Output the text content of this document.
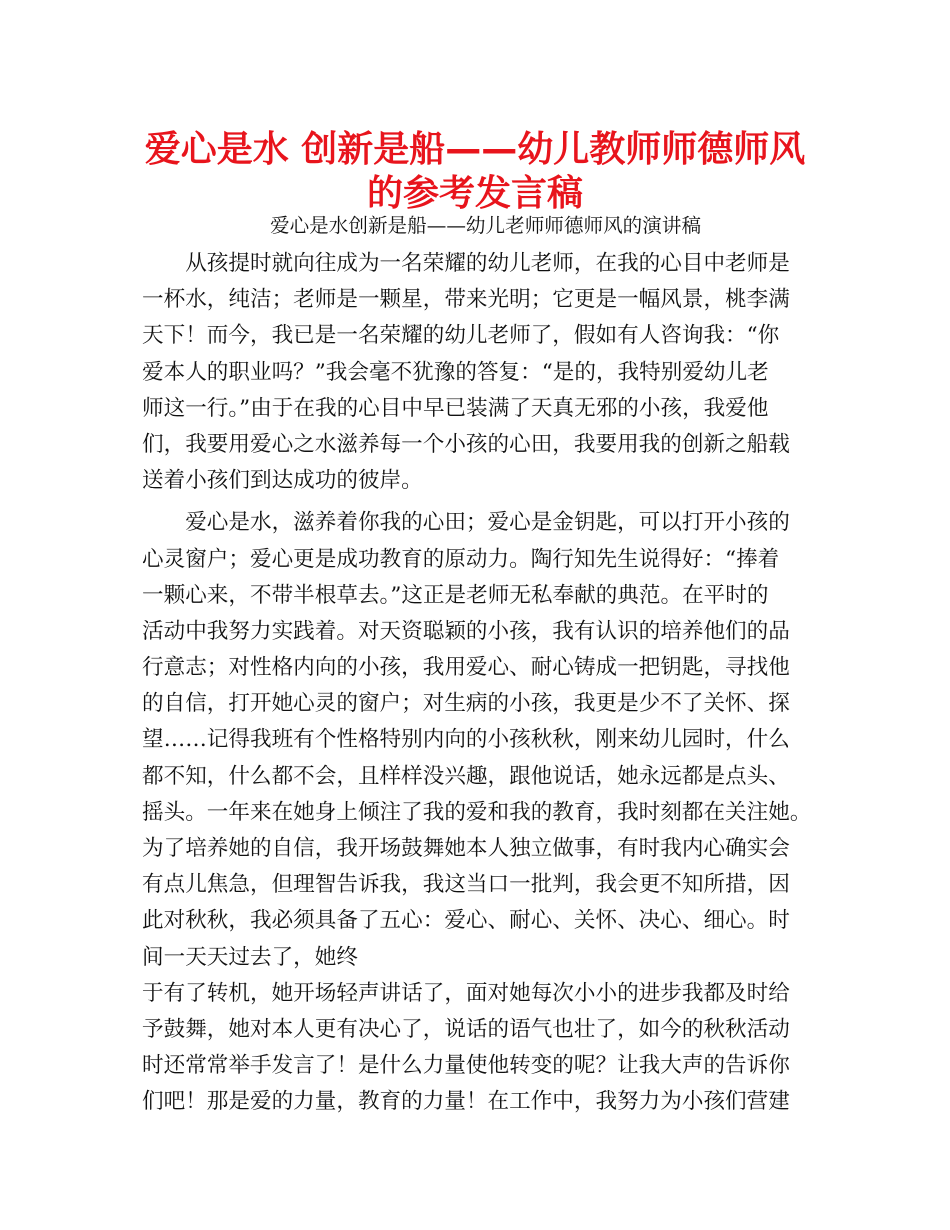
爱心是水 创新是船——幼儿教师师德师风
的参考发言稿
爱心是水创新是船——幼儿老师师德师风的演讲稿
　　从孩提时就向往成为一名荣耀的幼儿老师，在我的心目中老师是
一杯水，纯洁；老师是一颗星，带来光明；它更是一幅风景，桃李满
天下！而今，我已是一名荣耀的幼儿老师了，假如有人咨询我：“你
爱本人的职业吗？”我会毫不犹豫的答复：“是的，我特别爱幼儿老
师这一行。”由于在我的心目中早已装满了天真无邪的小孩，我爱他
们，我要用爱心之水滋养每一个小孩的心田，我要用我的创新之船载
送着小孩们到达成功的彼岸。
　　爱心是水，滋养着你我的心田；爱心是金钥匙，可以打开小孩的
心灵窗户；爱心更是成功教育的原动力。陶行知先生说得好：“捧着
一颗心来，不带半根草去。”这正是老师无私奉献的典范。在平时的
活动中我努力实践着。对天资聪颖的小孩，我有认识的培养他们的品
行意志；对性格内向的小孩，我用爱心、耐心铸成一把钥匙，寻找他
的自信，打开她心灵的窗户；对生病的小孩，我更是少不了关怀、探
望……记得我班有个性格特别内向的小孩秋秋，刚来幼儿园时，什么
都不知，什么都不会，且样样没兴趣，跟他说话，她永远都是点头、
摇头。一年来在她身上倾注了我的爱和我的教育，我时刻都在关注她。
为了培养她的自信，我开场鼓舞她本人独立做事，有时我内心确实会
有点儿焦急，但理智告诉我，我这当口一批判，我会更不知所措，因
此对秋秋，我必须具备了五心：爱心、耐心、关怀、决心、细心。时
间一天天过去了，她终
于有了转机，她开场轻声讲话了，面对她每次小小的进步我都及时给
予鼓舞，她对本人更有决心了，说话的语气也壮了，如今的秋秋活动
时还常常举手发言了！是什么力量使他转变的呢？让我大声的告诉你
们吧！那是爱的力量，教育的力量！在工作中，我努力为小孩们营建
